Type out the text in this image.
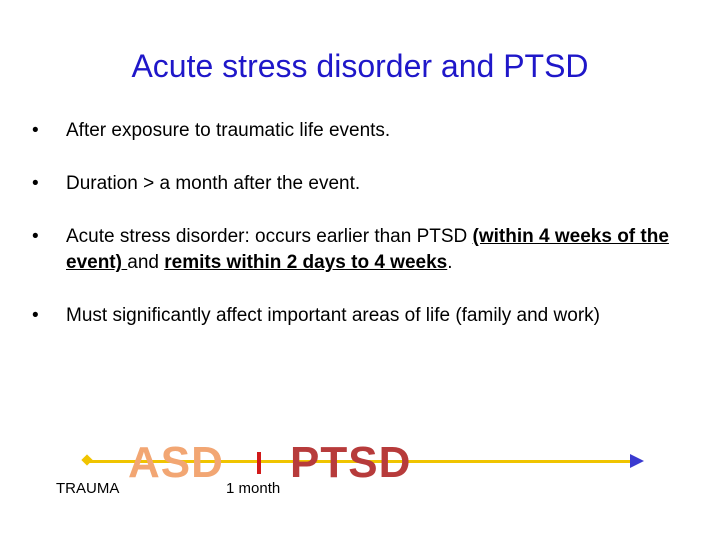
Acute stress disorder and PTSD
• After exposure to traumatic life events.
• Duration > a month after the event.
• Acute stress disorder: occurs earlier than PTSD (within 4 weeks of the event) and remits within 2 days to 4 weeks.
• Must significantly affect important areas of life (family and work)
ASD PTSD
TRAUMA	1 month
